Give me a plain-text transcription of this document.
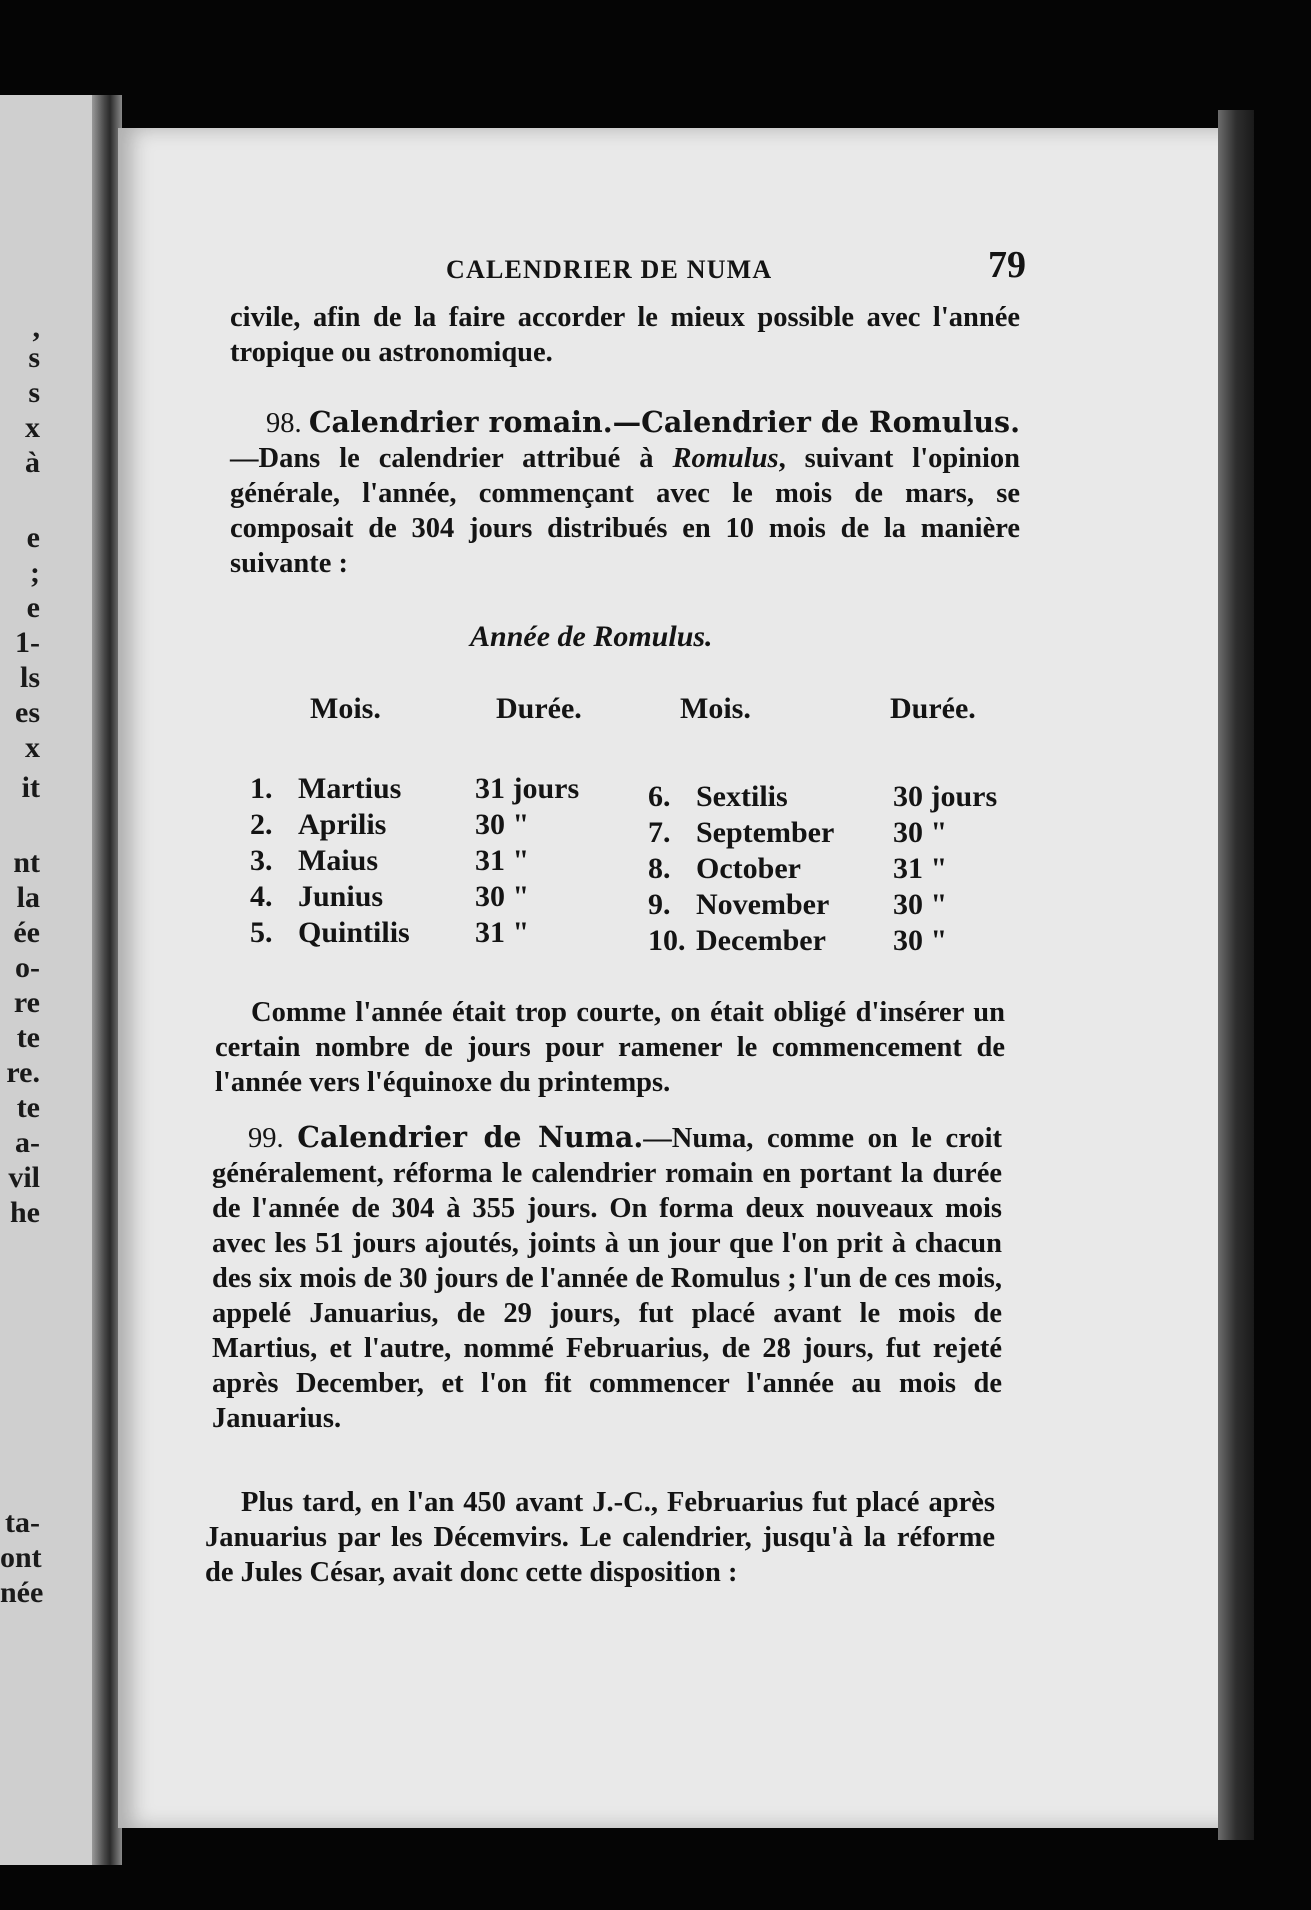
,
s
s
x
à
e
;
e
1-
ls
es
x
it
nt
la
ée
o-
re
te
re.
te
a-
vil
he
ta-
ont
née
CALENDRIER DE NUMA	79

civile, afin de la faire accorder le mieux possible avec l'année tropique ou astronomique.

98. Calendrier romain.—Calendrier de Romulus.—Dans le calendrier attribué à Romulus, suivant l'opinion générale, l'année, commençant avec le mois de mars, se composait de 304 jours distribués en 10 mois de la manière suivante :

Année de Romulus.
Mois.	Durée.	Mois.	Durée.
1. Martius 31 jours
2. Aprilis	30 "
3. Maius	31 "
4. Junius	30 "
5. Quintilis 31 "
6. Sextilis	30 jours
7. September 30 "
8. October	31 "
9. November 30 "
10. December 30 "

Comme l'année était trop courte, on était obligé d'insérer un certain nombre de jours pour ramener le commencement de l'année vers l'équinoxe du printemps.

99. Calendrier de Numa.—Numa, comme on le croit généralement, réforma le calendrier romain en portant la durée de l'année de 304 à 355 jours. On forma deux nouveaux mois avec les 51 jours ajoutés, joints à un jour que l'on prit à chacun des six mois de 30 jours de l'année de Romulus ; l'un de ces mois, appelé Januarius, de 29 jours, fut placé avant le mois de Martius, et l'autre, nommé Februarius, de 28 jours, fut rejeté après December, et l'on fit commencer l'année au mois de Januarius.

Plus tard, en l'an 450 avant J.-C., Februarius fut placé après Januarius par les Décemvirs. Le calendrier, jusqu'à la réforme de Jules César, avait donc cette disposition :
